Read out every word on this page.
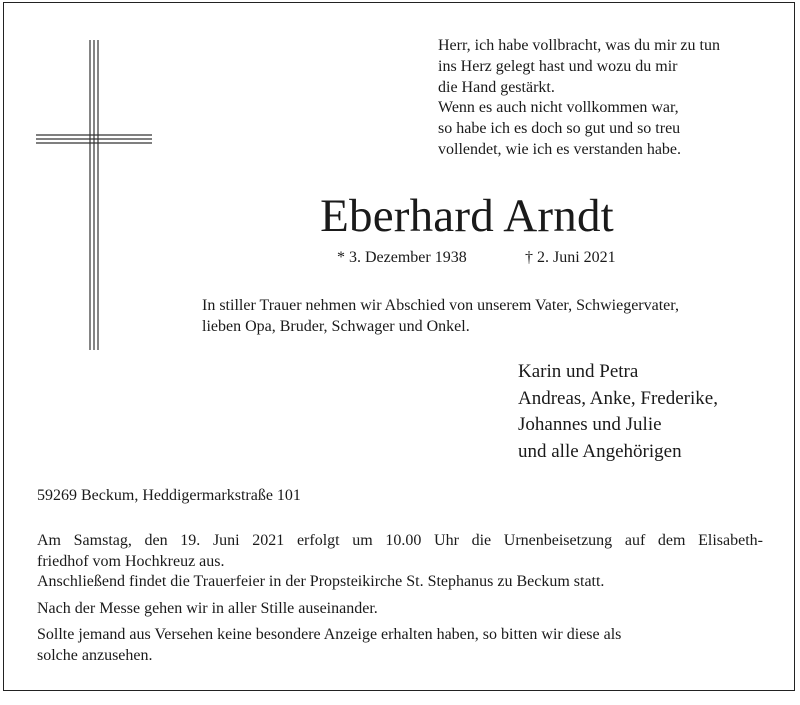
Herr, ich habe vollbracht, was du mir zu tun
ins Herz gelegt hast und wozu du mir
die Hand gestärkt.
Wenn es auch nicht vollkommen war,
so habe ich es doch so gut und so treu
vollendet, wie ich es verstanden habe.
Eberhard Arndt
* 3. Dezember 1938	† 2. Juni 2021
In stiller Trauer nehmen wir Abschied von unserem Vater, Schwiegervater,
lieben Opa, Bruder, Schwager und Onkel.
Karin und Petra
Andreas, Anke, Frederike,
Johannes und Julie
und alle Angehörigen
59269 Beckum, Heddigermarkstraße 101
Am Samstag, den 19. Juni 2021 erfolgt um 10.00 Uhr die Urnenbeisetzung auf dem Elisabeth-
friedhof vom Hochkreuz aus.
Anschließend findet die Trauerfeier in der Propsteikirche St. Stephanus zu Beckum statt.
Nach der Messe gehen wir in aller Stille auseinander.
Sollte jemand aus Versehen keine besondere Anzeige erhalten haben, so bitten wir diese als
solche anzusehen.
